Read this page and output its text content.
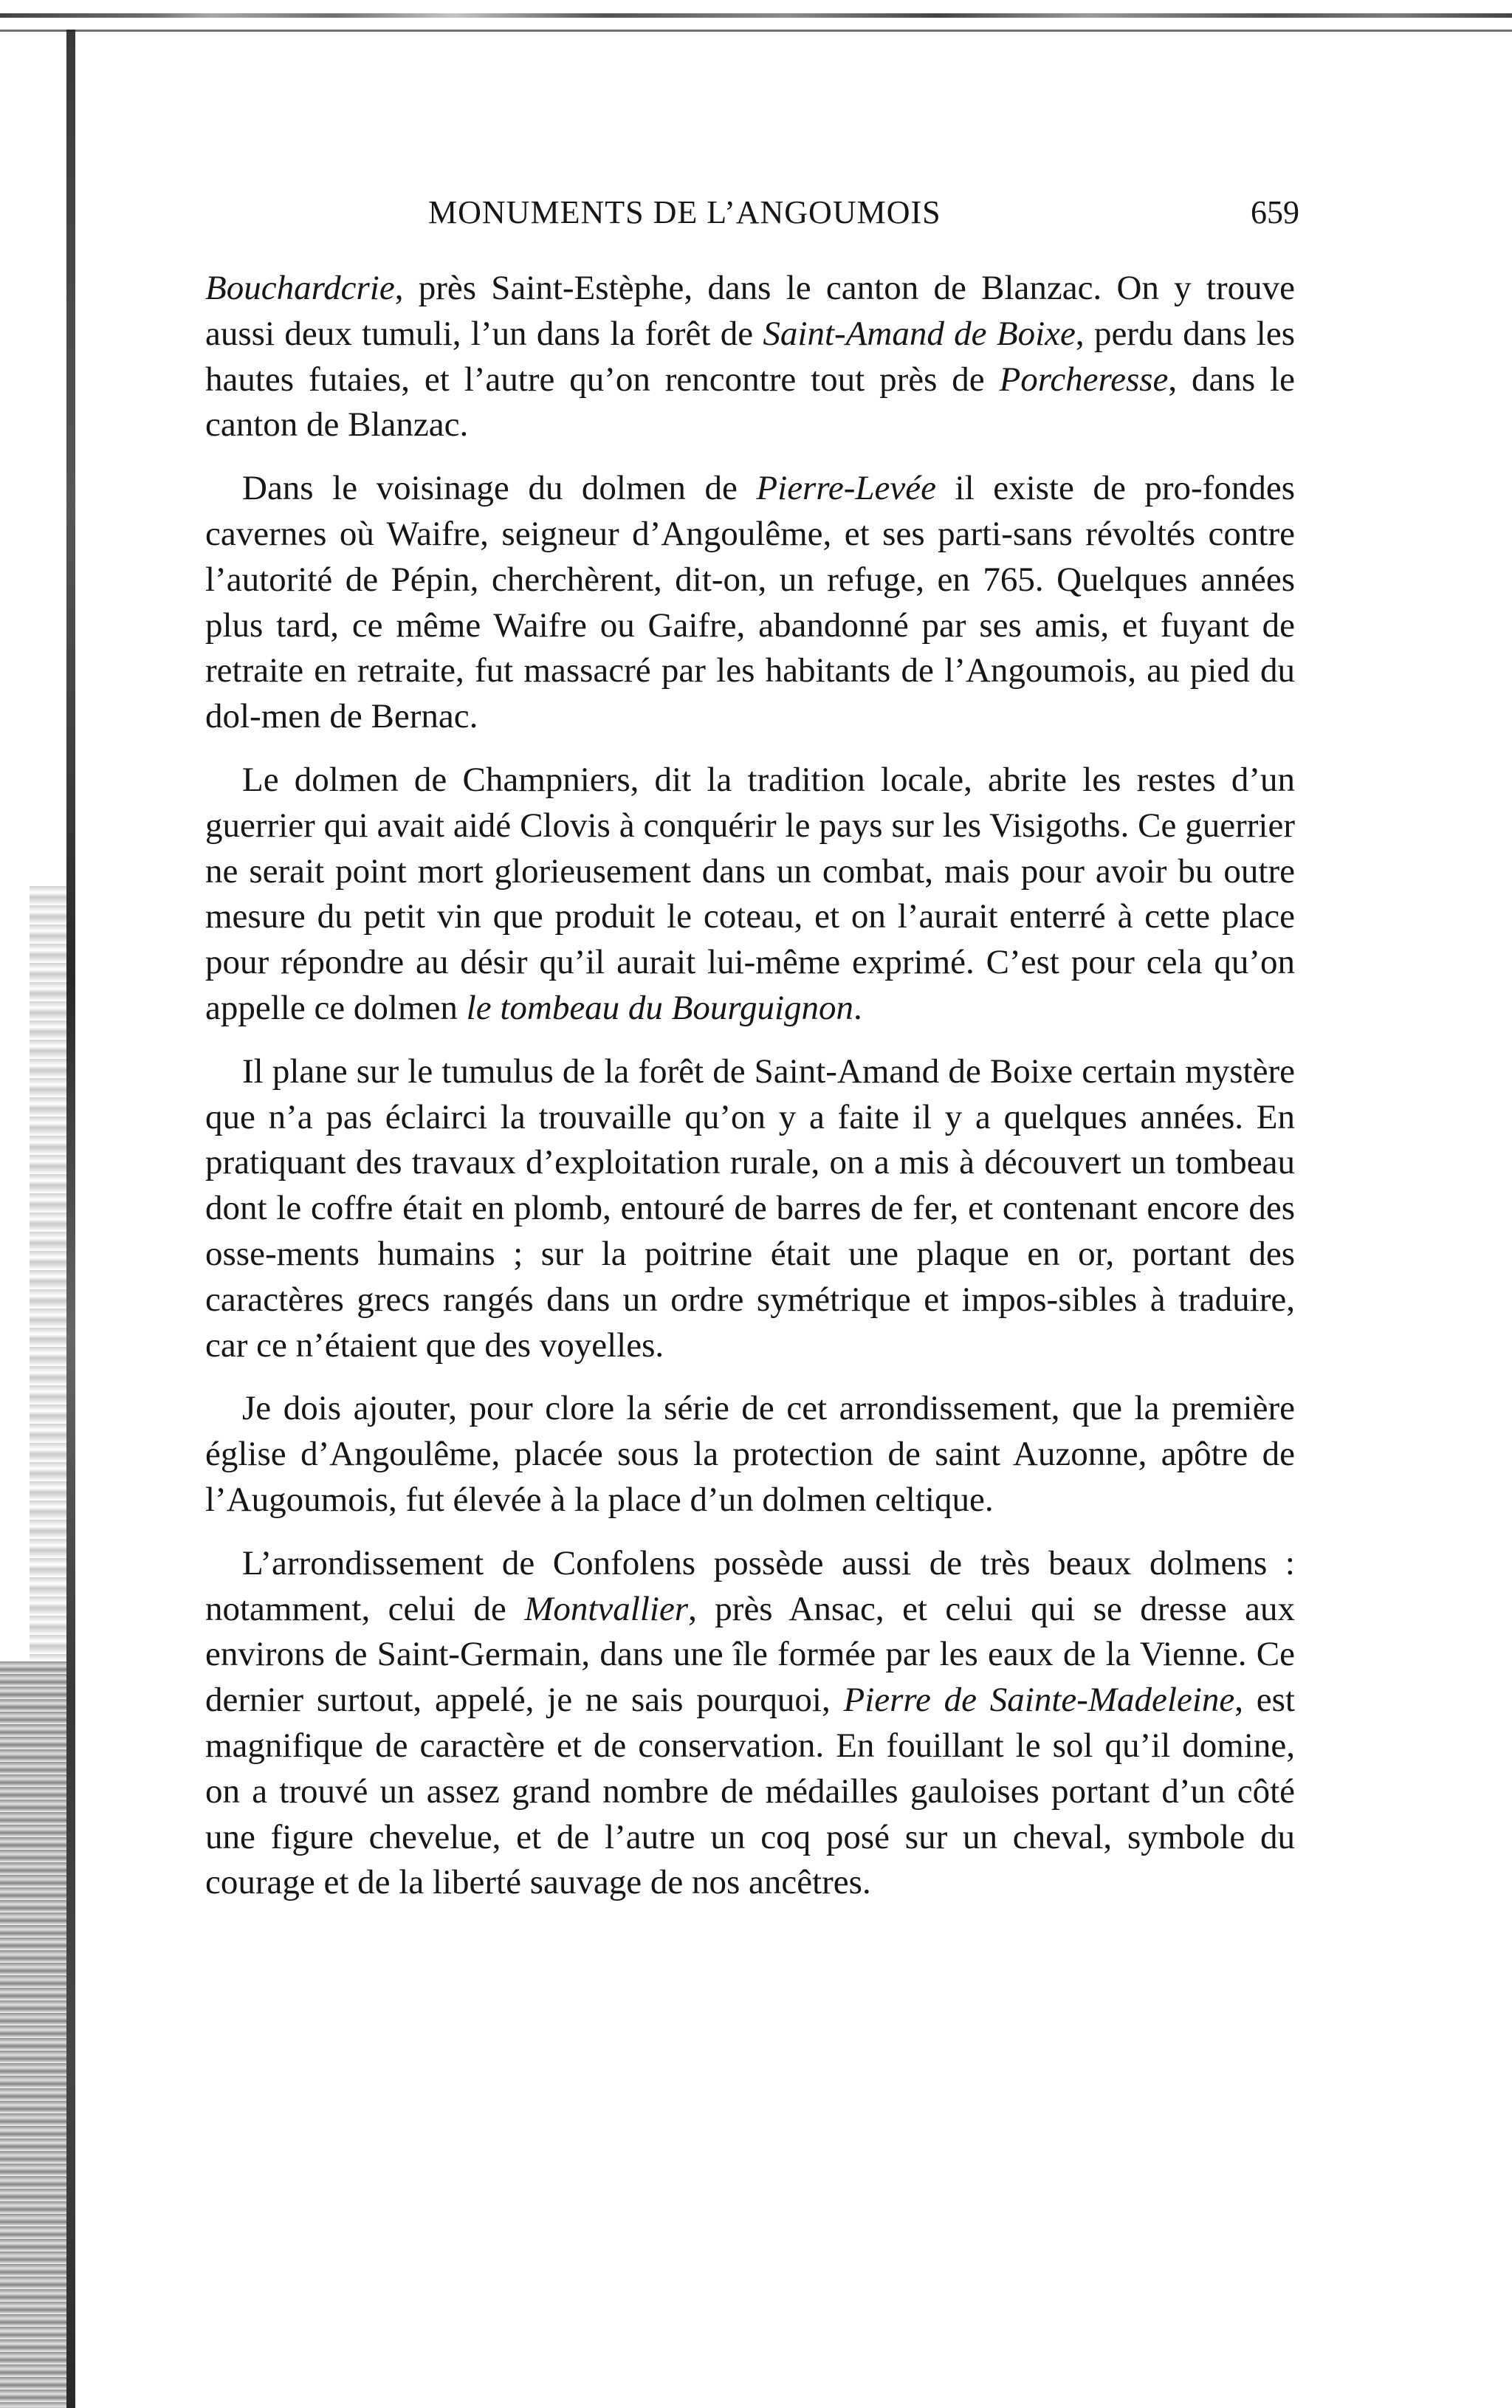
MONUMENTS DE L’ANGOUMOIS	659

Bouchardcrie, près Saint-Estèphe, dans le canton de Blanzac. On y trouve aussi deux tumuli, l’un dans la forêt de Saint-Amand de Boixe, perdu dans les hautes futaies, et l’autre qu’on rencontre tout près de Porcheresse, dans le canton de Blanzac.

Dans le voisinage du dolmen de Pierre-Levée il existe de pro-fondes cavernes où Waifre, seigneur d’Angoulême, et ses parti-sans révoltés contre l’autorité de Pépin, cherchèrent, dit-on, un refuge, en 765. Quelques années plus tard, ce même Waifre ou Gaifre, abandonné par ses amis, et fuyant de retraite en retraite, fut massacré par les habitants de l’Angoumois, au pied du dol-men de Bernac.

Le dolmen de Champniers, dit la tradition locale, abrite les restes d’un guerrier qui avait aidé Clovis à conquérir le pays sur les Visigoths. Ce guerrier ne serait point mort glorieusement dans un combat, mais pour avoir bu outre mesure du petit vin que produit le coteau, et on l’aurait enterré à cette place pour répondre au désir qu’il aurait lui-même exprimé. C’est pour cela qu’on appelle ce dolmen le tombeau du Bourguignon.

Il plane sur le tumulus de la forêt de Saint-Amand de Boixe certain mystère que n’a pas éclairci la trouvaille qu’on y a faite il y a quelques années. En pratiquant des travaux d’exploitation rurale, on a mis à découvert un tombeau dont le coffre était en plomb, entouré de barres de fer, et contenant encore des osse-ments humains ; sur la poitrine était une plaque en or, portant des caractères grecs rangés dans un ordre symétrique et impos-sibles à traduire, car ce n’étaient que des voyelles.

Je dois ajouter, pour clore la série de cet arrondissement, que la première église d’Angoulême, placée sous la protection de saint Auzonne, apôtre de l’Augoumois, fut élevée à la place d’un dolmen celtique.

L’arrondissement de Confolens possède aussi de très beaux dolmens : notamment, celui de Montvallier, près Ansac, et celui qui se dresse aux environs de Saint-Germain, dans une île formée par les eaux de la Vienne. Ce dernier surtout, appelé, je ne sais pourquoi, Pierre de Sainte-Madeleine, est magnifique de caractère et de conservation. En fouillant le sol qu’il domine, on a trouvé un assez grand nombre de médailles gauloises portant d’un côté une figure chevelue, et de l’autre un coq posé sur un cheval, symbole du courage et de la liberté sauvage de nos ancêtres.
